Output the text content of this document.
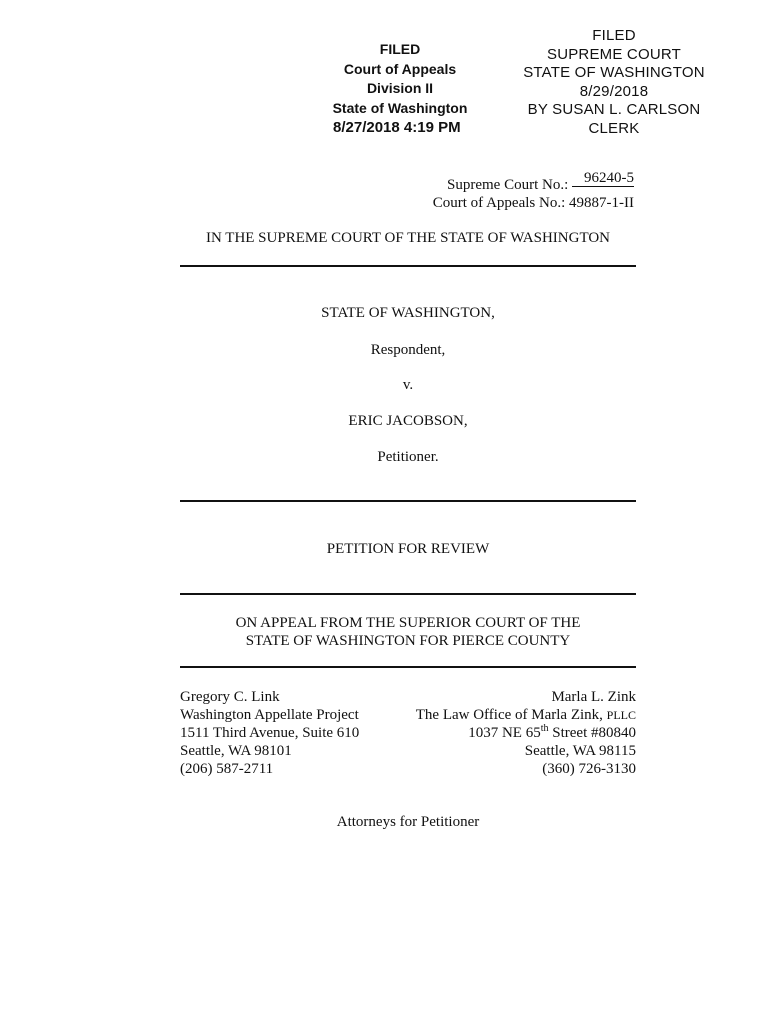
FILED
Court of Appeals
Division II
State of Washington
8/27/2018 4:19 PM
FILED
SUPREME COURT
STATE OF WASHINGTON
8/29/2018
BY SUSAN L. CARLSON
CLERK
Supreme Court No.: 96240-5
Court of Appeals No.: 49887-1-II
IN THE SUPREME COURT OF THE STATE OF WASHINGTON
STATE OF WASHINGTON,
Respondent,
v.
ERIC JACOBSON,
Petitioner.
PETITION FOR REVIEW
ON APPEAL FROM THE SUPERIOR COURT OF THE
STATE OF WASHINGTON FOR PIERCE COUNTY
Gregory C. Link
Washington Appellate Project
1511 Third Avenue, Suite 610
Seattle, WA 98101
(206) 587-2711
Marla L. Zink
The Law Office of Marla Zink, PLLC
1037 NE 65th Street #80840
Seattle, WA 98115
(360) 726-3130
Attorneys for Petitioner
